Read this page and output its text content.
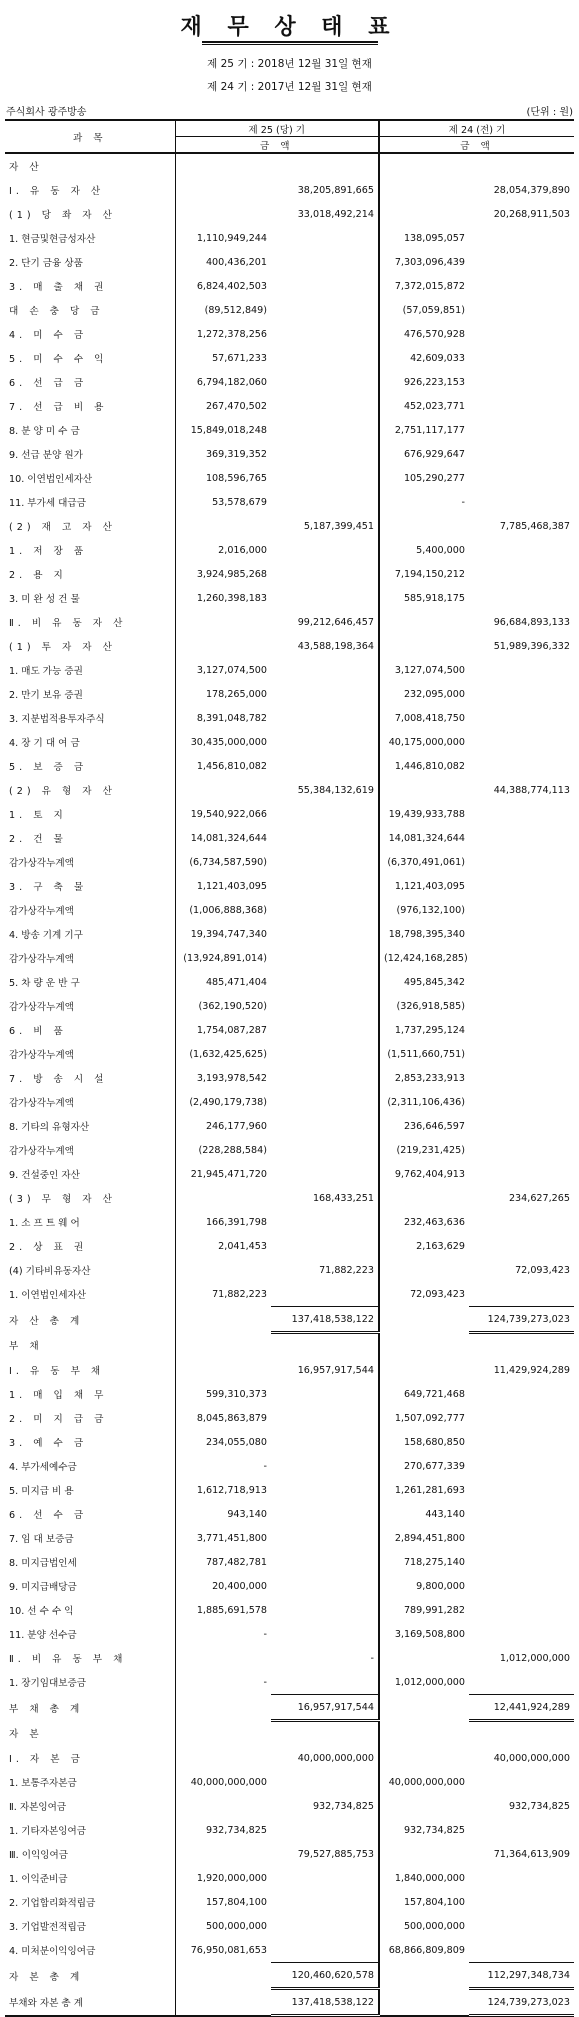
재 무 상 태 표
제 25 기 : 2018년 12월 31일 현재
제 24 기 : 2017년 12월 31일 현재
주식회사 광주방송	(단위 : 원)
과 목	제 25 (당) 기		제 24 (전) 기	
	금 액		금 액	
자 산				
Ⅰ. 유 동 자 산		38,205,891,665		28,054,379,890
(1) 당 좌 자 산		33,018,492,214		20,268,911,503
1. 현금및현금성자산	1,110,949,244		138,095,057	
2. 단기 금융 상품	400,436,201		7,303,096,439	
3. 매 출 채 권	6,824,402,503		7,372,015,872	
대 손 충 당 금	(89,512,849)		(57,059,851)	
4. 미 수 금	1,272,378,256		476,570,928	
5. 미 수 수 익	57,671,233		42,609,033	
6. 선 급 금	6,794,182,060		926,223,153	
7. 선 급 비 용	267,470,502		452,023,771	
8. 분 양 미 수 금	15,849,018,248		2,751,117,177	
9. 선급 분양 원가	369,319,352		676,929,647	
10. 이연법인세자산	108,596,765		105,290,277	
11. 부가세 대급금	53,578,679		-	
(2) 재 고 자 산		5,187,399,451		7,785,468,387
1. 저 장 품	2,016,000		5,400,000	
2. 용 지	3,924,985,268		7,194,150,212	
3. 미 완 성 건 물	1,260,398,183		585,918,175	
Ⅱ. 비 유 동 자 산		99,212,646,457		96,684,893,133
(1) 투 자 자 산		43,588,198,364		51,989,396,332
1. 매도 가능 증권	3,127,074,500		3,127,074,500	
2. 만기 보유 증권	178,265,000		232,095,000	
3. 지분법적용투자주식	8,391,048,782		7,008,418,750	
4. 장 기 대 여 금	30,435,000,000		40,175,000,000	
5. 보 증 금	1,456,810,082		1,446,810,082	
(2) 유 형 자 산		55,384,132,619		44,388,774,113
1. 토 지	19,540,922,066		19,439,933,788	
2. 건 물	14,081,324,644		14,081,324,644	
감가상각누계액	(6,734,587,590)		(6,370,491,061)	
3. 구 축 물	1,121,403,095		1,121,403,095	
감가상각누계액	(1,006,888,368)		(976,132,100)	
4. 방송 기계 기구	19,394,747,340		18,798,395,340	
감가상각누계액	(13,924,891,014)		(12,424,168,285)	
5. 차 량 운 반 구	485,471,404		495,845,342	
감가상각누계액	(362,190,520)		(326,918,585)	
6. 비 품	1,754,087,287		1,737,295,124	
감가상각누계액	(1,632,425,625)		(1,511,660,751)	
7. 방 송 시 설	3,193,978,542		2,853,233,913	
감가상각누계액	(2,490,179,738)		(2,311,106,436)	
8. 기타의 유형자산	246,177,960		236,646,597	
감가상각누계액	(228,288,584)		(219,231,425)	
9. 건설중인 자산	21,945,471,720		9,762,404,913	
(3) 무 형 자 산		168,433,251		234,627,265
1. 소 프 트 웨 어	166,391,798		232,463,636	
2. 상 표 권	2,041,453		2,163,629	
(4) 기타비유동자산		71,882,223		72,093,423
1. 이연법인세자산	71,882,223		72,093,423	
자 산 총 계		137,418,538,122		124,739,273,023
부 채				
Ⅰ. 유 동 부 채		16,957,917,544		11,429,924,289
1. 매 입 채 무	599,310,373		649,721,468	
2. 미 지 급 금	8,045,863,879		1,507,092,777	
3. 예 수 금	234,055,080		158,680,850	
4. 부가세예수금	-		270,677,339	
5. 미지급 비 용	1,612,718,913		1,261,281,693	
6. 선 수 금	943,140		443,140	
7. 임 대 보증금	3,771,451,800		2,894,451,800	
8. 미지급법인세	787,482,781		718,275,140	
9. 미지급배당금	20,400,000		9,800,000	
10. 선 수 수 익	1,885,691,578		789,991,282	
11. 분양 선수금	-		3,169,508,800	
Ⅱ. 비 유 동 부 채		-		1,012,000,000
1. 장기임대보증금	-		1,012,000,000	
부 채 총 계		16,957,917,544		12,441,924,289
자 본				
Ⅰ. 자 본 금		40,000,000,000		40,000,000,000
1. 보통주자본금	40,000,000,000		40,000,000,000	
Ⅱ. 자본잉여금		932,734,825		932,734,825
1. 기타자본잉여금	932,734,825		932,734,825	
Ⅲ. 이익잉여금		79,527,885,753		71,364,613,909
1. 이익준비금	1,920,000,000		1,840,000,000	
2. 기업합리화적립금	157,804,100		157,804,100	
3. 기업발전적립금	500,000,000		500,000,000	
4. 미처분이익잉여금	76,950,081,653		68,866,809,809	
자 본 총 계		120,460,620,578		112,297,348,734
부채와 자본 총 계		137,418,538,122		124,739,273,023
